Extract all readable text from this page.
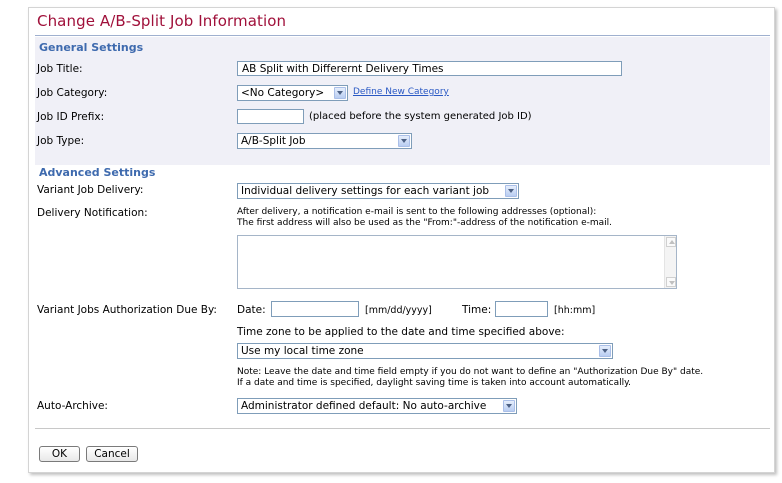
Change A/B-Split Job Information
General Settings
Job Title:	AB Split with Differernt Delivery Times
Job Category:	<No Category>	Define New Category
Job ID Prefix:	(placed before the system generated Job ID)
Job Type:	A/B-Split Job
Advanced Settings
Variant Job Delivery:	Individual delivery settings for each variant job
Delivery Notification:	After delivery, a notification e-mail is sent to the following addresses (optional):
The first address will also be used as the "From:"-address of the notification e-mail.
Variant Jobs Authorization Due By: Date:	[mm/dd/yyyy]	Time:	[hh:mm]
Time zone to be applied to the date and time specified above:
Use my local time zone
Note: Leave the date and time field empty if you do not want to define an "Authorization Due By" date.
If a date and time is specified, daylight saving time is taken into account automatically.
Auto-Archive:	Administrator defined default: No auto-archive
OK	Cancel
